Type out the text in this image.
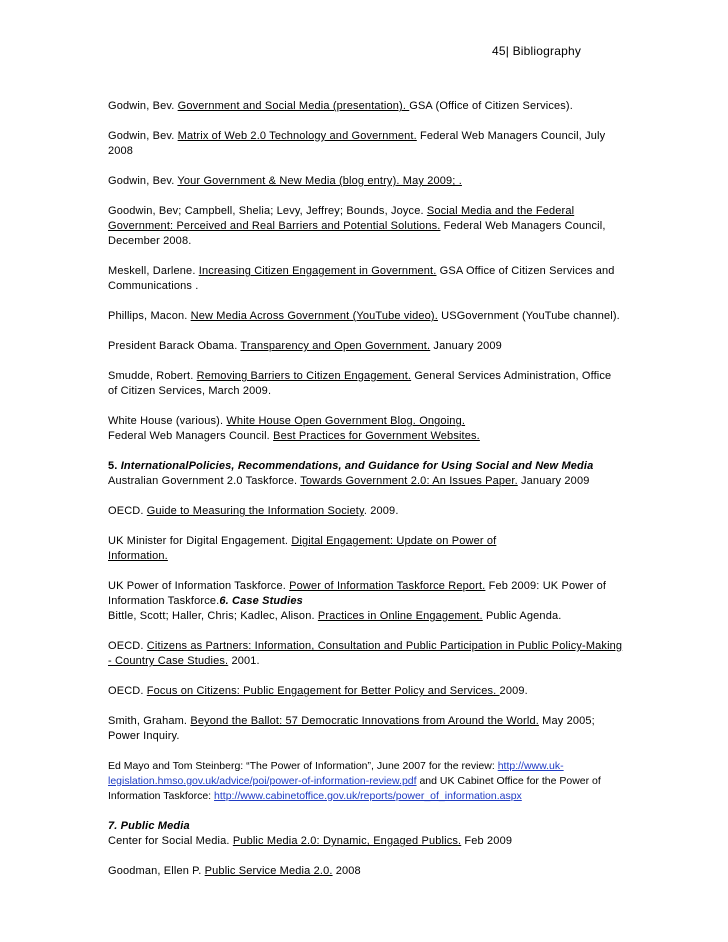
45| Bibliography
Godwin, Bev. Government and Social Media (presentation). GSA (Office of Citizen Services).
Godwin, Bev. Matrix of Web 2.0 Technology and Government. Federal Web Managers Council, July 2008
Godwin, Bev. Your Government & New Media (blog entry). May 2009; .
Goodwin, Bev; Campbell, Shelia; Levy, Jeffrey; Bounds, Joyce. Social Media and the Federal Government: Perceived and Real Barriers and Potential Solutions. Federal Web Managers Council, December 2008.
Meskell, Darlene. Increasing Citizen Engagement in Government. GSA Office of Citizen Services and Communications .
Phillips, Macon. New Media Across Government (YouTube video). USGovernment (YouTube channel).
President Barack Obama. Transparency and Open Government. January 2009
Smudde, Robert. Removing Barriers to Citizen Engagement. General Services Administration, Office of Citizen Services, March 2009.
White House (various). White House Open Government Blog. Ongoing.
Federal Web Managers Council. Best Practices for Government Websites.
5. InternationalPolicies, Recommendations, and Guidance for Using Social and New Media
Australian Government 2.0 Taskforce. Towards Government 2.0: An Issues Paper. January 2009
OECD. Guide to Measuring the Information Society. 2009.
UK Minister for Digital Engagement. Digital Engagement: Update on Power of Information.
UK Power of Information Taskforce. Power of Information Taskforce Report. Feb 2009: UK Power of Information Taskforce.6. Case Studies
Bittle, Scott; Haller, Chris; Kadlec, Alison. Practices in Online Engagement. Public Agenda.
OECD. Citizens as Partners: Information, Consultation and Public Participation in Public Policy-Making - Country Case Studies. 2001.
OECD. Focus on Citizens: Public Engagement for Better Policy and Services. 2009.
Smith, Graham. Beyond the Ballot: 57 Democratic Innovations from Around the World. May 2005; Power Inquiry.
Ed Mayo and Tom Steinberg: “The Power of Information”, June 2007 for the review: http://www.uk-legislation.hmso.gov.uk/advice/poi/power-of-information-review.pdf and UK Cabinet Office for the Power of Information Taskforce: http://www.cabinetoffice.gov.uk/reports/power_of_information.aspx
7. Public Media
Center for Social Media. Public Media 2.0: Dynamic, Engaged Publics. Feb 2009
Goodman, Ellen P. Public Service Media 2.0. 2008
